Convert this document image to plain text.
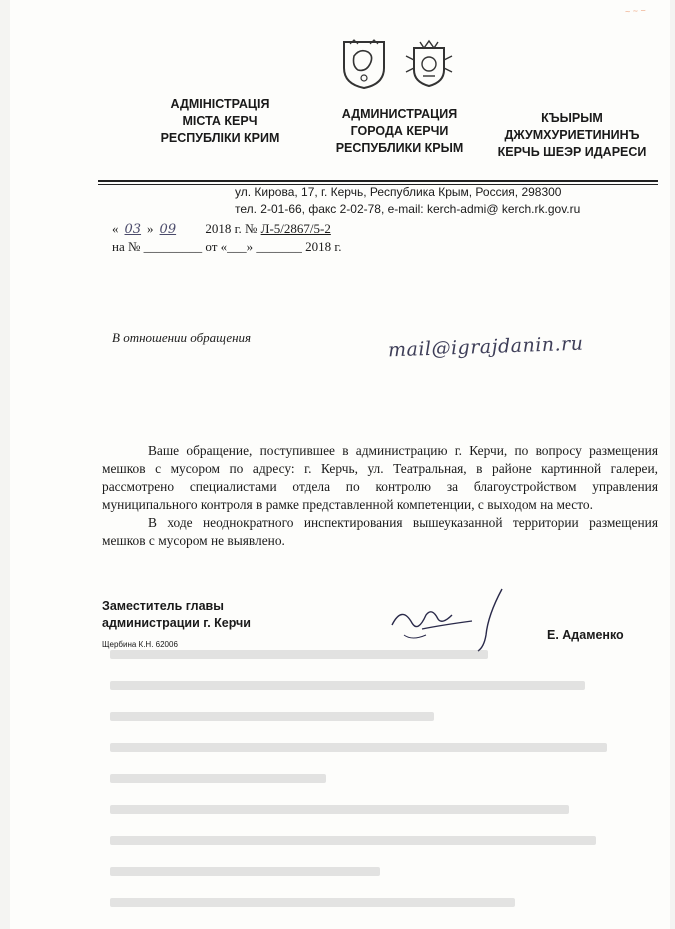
~ ~ ~
АДМІНІСТРАЦІЯ
МІСТА КЕРЧ
РЕСПУБЛІКИ КРИМ
АДМИНИСТРАЦИЯ
ГОРОДА КЕРЧИ
РЕСПУБЛИКИ КРЫМ
КЪЫРЫМ
ДЖУМХУРИЕТИНИНЪ
КЕРЧЬ ШЕЭР ИДАРЕСИ
ул. Кирова, 17, г. Керчь, Республика Крым, Россия, 298300
тел. 2-01-66, факс 2-02-78, e-mail: kerch-admi@ kerch.rk.gov.ru
« 03 » 09 2018 г. № Л-5/2867/5-2
на № _________ от «___» _______ 2018 г.
В отношении обращения	mail@igrajdanin.ru

Ваше обращение, поступившее в администрацию г. Керчи, по вопросу размещения мешков с мусором по адресу: г. Керчь, ул. Театральная, в районе картинной галереи, рассмотрено специалистами отдела по контролю за благоустройством управления муниципального контроля в рамке представленной компетенции, с выходом на место.

В ходе неоднократного инспектирования вышеуказанной территории размещения мешков с мусором не выявлено.

Заместитель главы
администрации г. Керчи
Е. Адаменко
Щербина К.Н. 62006
